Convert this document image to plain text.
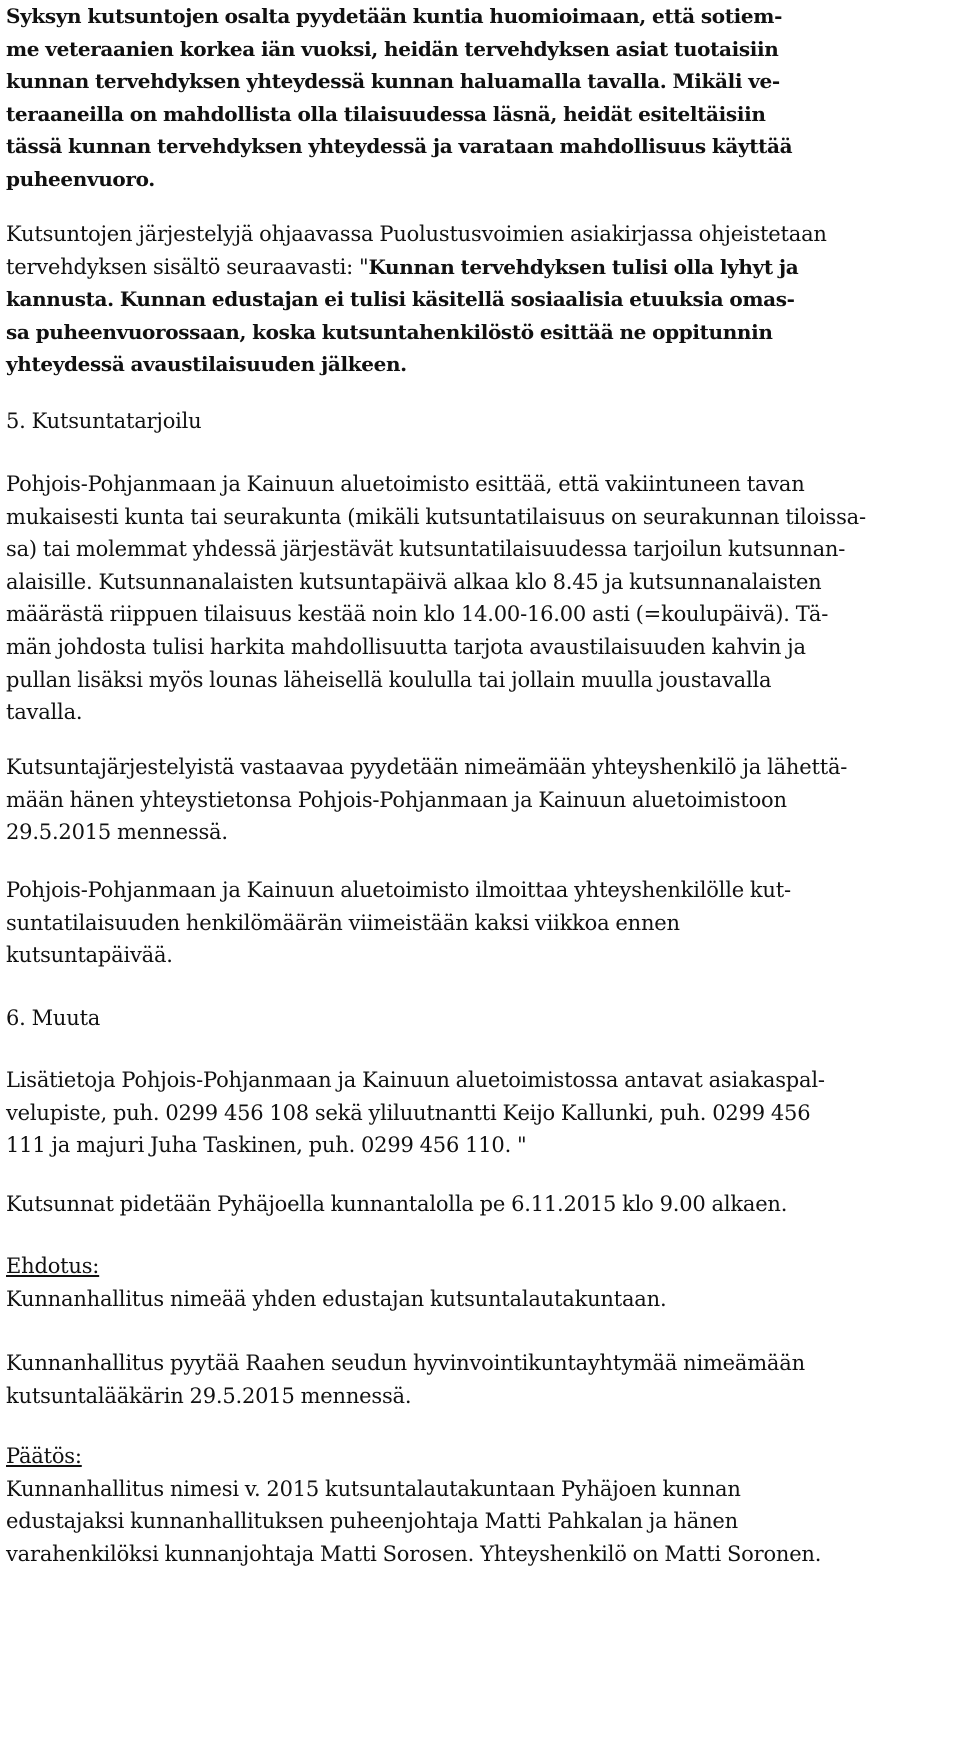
Syksyn kutsuntojen osalta pyydetään kuntia huomioimaan, että sotiem-
me veteraanien korkea iän vuoksi, heidän tervehdyksen asiat tuotaisiin
kunnan tervehdyksen yhteydessä kunnan haluamalla tavalla. Mikäli ve-
teraaneilla on mahdollista olla tilaisuudessa läsnä, heidät esiteltäisiin
tässä kunnan tervehdyksen yhteydessä ja varataan mahdollisuus käyttää
puheenvuoro.
Kutsuntojen järjestelyjä ohjaavassa Puolustusvoimien asiakirjassa ohjeistetaan
tervehdyksen sisältö seuraavasti: "Kunnan tervehdyksen tulisi olla lyhyt ja
kannusta. Kunnan edustajan ei tulisi käsitellä sosiaalisia etuuksia omas-
sa puheenvuorossaan, koska kutsuntahenkilöstö esittää ne oppitunnin
yhteydessä avaustilaisuuden jälkeen.
5. Kutsuntatarjoilu
Pohjois-Pohjanmaan ja Kainuun aluetoimisto esittää, että vakiintuneen tavan
mukaisesti kunta tai seurakunta (mikäli kutsuntatilaisuus on seurakunnan tiloissa-
sa) tai molemmat yhdessä järjestävät kutsuntatilaisuudessa tarjoilun kutsunnan-
alaisille. Kutsunnanalaisten kutsuntapäivä alkaa klo 8.45 ja kutsunnanalaisten
määrästä riippuen tilaisuus kestää noin klo 14.00-16.00 asti (=koulupäivä). Tä-
män johdosta tulisi harkita mahdollisuutta tarjota avaustilaisuuden kahvin ja
pullan lisäksi myös lounas läheisellä koululla tai jollain muulla joustavalla
tavalla.
Kutsuntajärjestelyistä vastaavaa pyydetään nimeämään yhteyshenkilö ja lähettä-
mään hänen yhteystietonsa Pohjois-Pohjanmaan ja Kainuun aluetoimistoon
29.5.2015 mennessä.
Pohjois-Pohjanmaan ja Kainuun aluetoimisto ilmoittaa yhteyshenkilölle kut-
suntatilaisuuden henkilömäärän viimeistään kaksi viikkoa ennen
kutsuntapäivää.
6. Muuta
Lisätietoja Pohjois-Pohjanmaan ja Kainuun aluetoimistossa antavat asiakaspal-
velupiste, puh. 0299 456 108 sekä yliluutnantti Keijo Kallunki, puh. 0299 456
111 ja majuri Juha Taskinen, puh. 0299 456 110. "
Kutsunnat pidetään Pyhäjoella kunnantalolla pe 6.11.2015 klo 9.00 alkaen.
Ehdotus:
Kunnanhallitus nimeää yhden edustajan kutsuntalautakuntaan.
Kunnanhallitus pyytää Raahen seudun hyvinvointikuntayhtymää nimeämään
kutsuntalääkärin 29.5.2015 mennessä.
Päätös:
Kunnanhallitus nimesi v. 2015 kutsuntalautakuntaan Pyhäjoen kunnan
edustajaksi kunnanhallituksen puheenjohtaja Matti Pahkalan ja hänen
varahenkilöksi kunnanjohtaja Matti Sorosen. Yhteyshenkilö on Matti Soronen.
